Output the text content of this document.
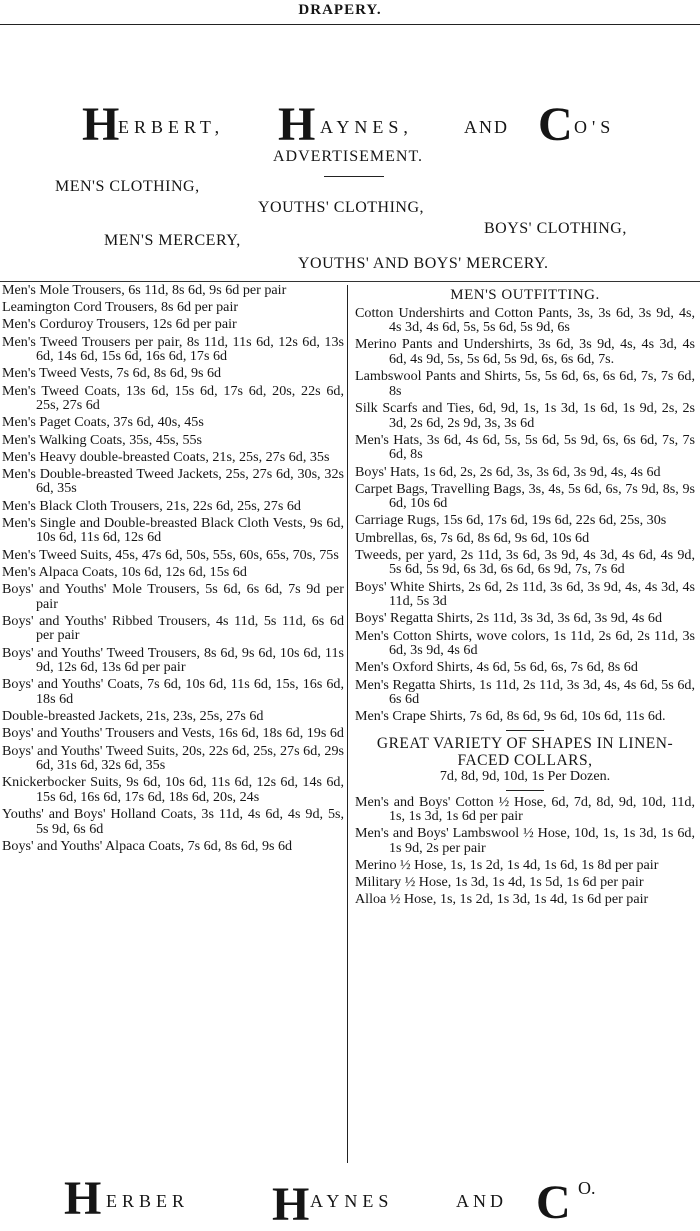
DRAPERY.
H
ERBERT, H AYNES,	AND C O'S
ADVERTISEMENT.
MEN'S CLOTHING,
YOUTHS' CLOTHING,
BOYS' CLOTHING,
MEN'S MERCERY,
YOUTHS' AND BOYS' MERCERY.

Men's Mole Trousers, 6s 11d, 8s 6d, 9s 6d per pair

Leamington Cord Trousers, 8s 6d per pair

Men's Corduroy Trousers, 12s 6d per pair

Men's Tweed Trousers per pair, 8s 11d, 11s 6d, 12s 6d, 13s 6d, 14s 6d, 15s 6d, 16s 6d, 17s 6d

Men's Tweed Vests, 7s 6d, 8s 6d, 9s 6d

Men's Tweed Coats, 13s 6d, 15s 6d, 17s 6d, 20s, 22s 6d, 25s, 27s 6d

Men's Paget Coats, 37s 6d, 40s, 45s

Men's Walking Coats, 35s, 45s, 55s

Men's Heavy double-breasted Coats, 21s, 25s, 27s 6d, 35s

Men's Double-breasted Tweed Jackets, 25s, 27s 6d, 30s, 32s 6d, 35s

Men's Black Cloth Trousers, 21s, 22s 6d, 25s, 27s 6d

Men's Single and Double-breasted Black Cloth Vests, 9s 6d, 10s 6d, 11s 6d, 12s 6d

Men's Tweed Suits, 45s, 47s 6d, 50s, 55s, 60s, 65s, 70s, 75s

Men's Alpaca Coats, 10s 6d, 12s 6d, 15s 6d

Boys' and Youths' Mole Trousers, 5s 6d, 6s 6d, 7s 9d per pair

Boys' and Youths' Ribbed Trousers, 4s 11d, 5s 11d, 6s 6d per pair

Boys' and Youths' Tweed Trousers, 8s 6d, 9s 6d, 10s 6d, 11s 9d, 12s 6d, 13s 6d per pair

Boys' and Youths' Coats, 7s 6d, 10s 6d, 11s 6d, 15s, 16s 6d, 18s 6d

Double-breasted Jackets, 21s, 23s, 25s, 27s 6d

Boys' and Youths' Trousers and Vests, 16s 6d, 18s 6d, 19s 6d

Boys' and Youths' Tweed Suits, 20s, 22s 6d, 25s, 27s 6d, 29s 6d, 31s 6d, 32s 6d, 35s

Knickerbocker Suits, 9s 6d, 10s 6d, 11s 6d, 12s 6d, 14s 6d, 15s 6d, 16s 6d, 17s 6d, 18s 6d, 20s, 24s

Youths' and Boys' Holland Coats, 3s 11d, 4s 6d, 4s 9d, 5s, 5s 9d, 6s 6d

Boys' and Youths' Alpaca Coats, 7s 6d, 8s 6d, 9s 6d

MEN'S OUTFITTING.

Cotton Undershirts and Cotton Pants, 3s, 3s 6d, 3s 9d, 4s, 4s 3d, 4s 6d, 5s, 5s 6d, 5s 9d, 6s

Merino Pants and Undershirts, 3s 6d, 3s 9d, 4s, 4s 3d, 4s 6d, 4s 9d, 5s, 5s 6d, 5s 9d, 6s, 6s 6d, 7s.

Lambswool Pants and Shirts, 5s, 5s 6d, 6s, 6s 6d, 7s, 7s 6d, 8s

Silk Scarfs and Ties, 6d, 9d, 1s, 1s 3d, 1s 6d, 1s 9d, 2s, 2s 3d, 2s 6d, 2s 9d, 3s, 3s 6d

Men's Hats, 3s 6d, 4s 6d, 5s, 5s 6d, 5s 9d, 6s, 6s 6d, 7s, 7s 6d, 8s

Boys' Hats, 1s 6d, 2s, 2s 6d, 3s, 3s 6d, 3s 9d, 4s, 4s 6d

Carpet Bags, Travelling Bags, 3s, 4s, 5s 6d, 6s, 7s 9d, 8s, 9s 6d, 10s 6d

Carriage Rugs, 15s 6d, 17s 6d, 19s 6d, 22s 6d, 25s, 30s

Umbrellas, 6s, 7s 6d, 8s 6d, 9s 6d, 10s 6d

Tweeds, per yard, 2s 11d, 3s 6d, 3s 9d, 4s 3d, 4s 6d, 4s 9d, 5s 6d, 5s 9d, 6s 3d, 6s 6d, 6s 9d, 7s, 7s 6d

Boys' White Shirts, 2s 6d, 2s 11d, 3s 6d, 3s 9d, 4s, 4s 3d, 4s 11d, 5s 3d

Boys' Regatta Shirts, 2s 11d, 3s 3d, 3s 6d, 3s 9d, 4s 6d

Men's Cotton Shirts, wove colors, 1s 11d, 2s 6d, 2s 11d, 3s 6d, 3s 9d, 4s 6d

Men's Oxford Shirts, 4s 6d, 5s 6d, 6s, 7s 6d, 8s 6d

Men's Regatta Shirts, 1s 11d, 2s 11d, 3s 3d, 4s, 4s 6d, 5s 6d, 6s 6d

Men's Crape Shirts, 7s 6d, 8s 6d, 9s 6d, 10s 6d, 11s 6d.

GREAT VARIETY OF SHAPES IN LINEN-FACED COLLARS,
7d, 8d, 9d, 10d, 1s Per Dozen.

Men's and Boys' Cotton ½ Hose, 6d, 7d, 8d, 9d, 10d, 11d, 1s, 1s 3d, 1s 6d per pair

Men's and Boys' Lambswool ½ Hose, 10d, 1s, 1s 3d, 1s 6d, 1s 9d, 2s per pair

Merino ½ Hose, 1s, 1s 2d, 1s 4d, 1s 6d, 1s 8d per pair

Military ½ Hose, 1s 3d, 1s 4d, 1s 5d, 1s 6d per pair

Alloa ½ Hose, 1s, 1s 2d, 1s 3d, 1s 4d, 1s 6d per pair

H ERBER H AYNES	AND C O.
